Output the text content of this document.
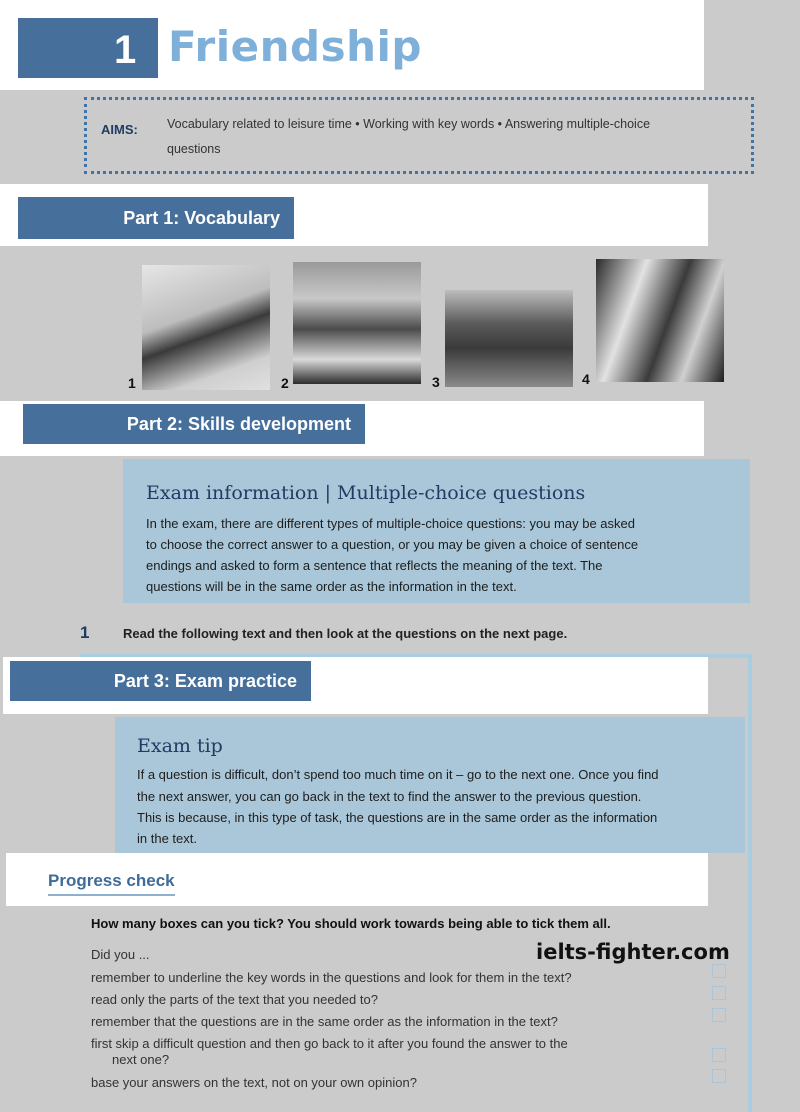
1 Friendship
AIMS: Vocabulary related to leisure time • Working with key words • Answering multiple-choice
questions
Part 1: Vocabulary
1	2	3	4
Part 2: Skills development
Exam information | Multiple-choice questions
In the exam, there are different types of multiple-choice questions: you may be asked
to choose the correct answer to a question, or you may be given a choice of sentence
endings and asked to form a sentence that reflects the meaning of the text. The
questions will be in the same order as the information in the text.
1	Read the following text and then look at the questions on the next page.
Part 3: Exam practice
Exam tip
If a question is difficult, don’t spend too much time on it – go to the next one. Once you find
the next answer, you can go back in the text to find the answer to the previous question.
This is because, in this type of task, the questions are in the same order as the information
in the text.
Progress check
How many boxes can you tick? You should work towards being able to tick them all.
Did you ...	ielts-fighter.com
remember to underline the key words in the questions and look for them in the text?
read only the parts of the text that you needed to?
remember that the questions are in the same order as the information in the text?
first skip a difficult question and then go back to it after you found the answer to the
next one?
base your answers on the text, not on your own opinion?
